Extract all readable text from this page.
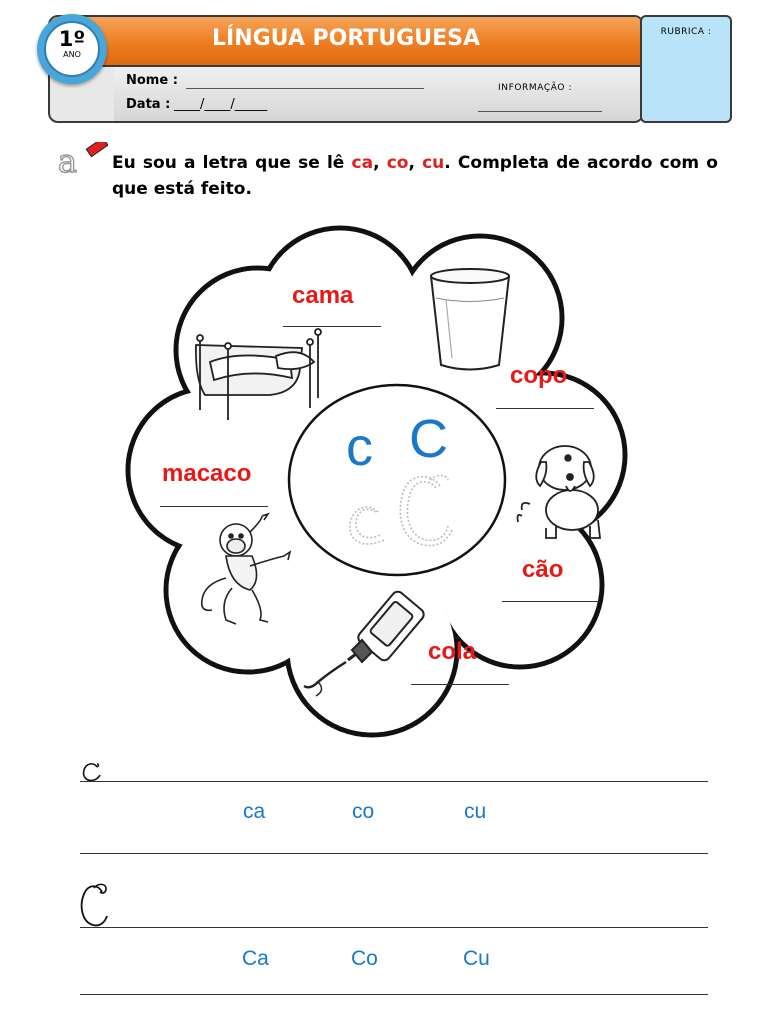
LÍNGUA PORTUGUESA
Nome :
Data : ____/____/_____
INFORMAÇÃO :
1º
ANO
RUBRICA :
a Eu sou a letra que se lê ca, co, cu. Completa de acordo com o que está feito.
cama
copo
macaco
cão
cola
c C
ca	co	cu
Ca	Co	Cu
